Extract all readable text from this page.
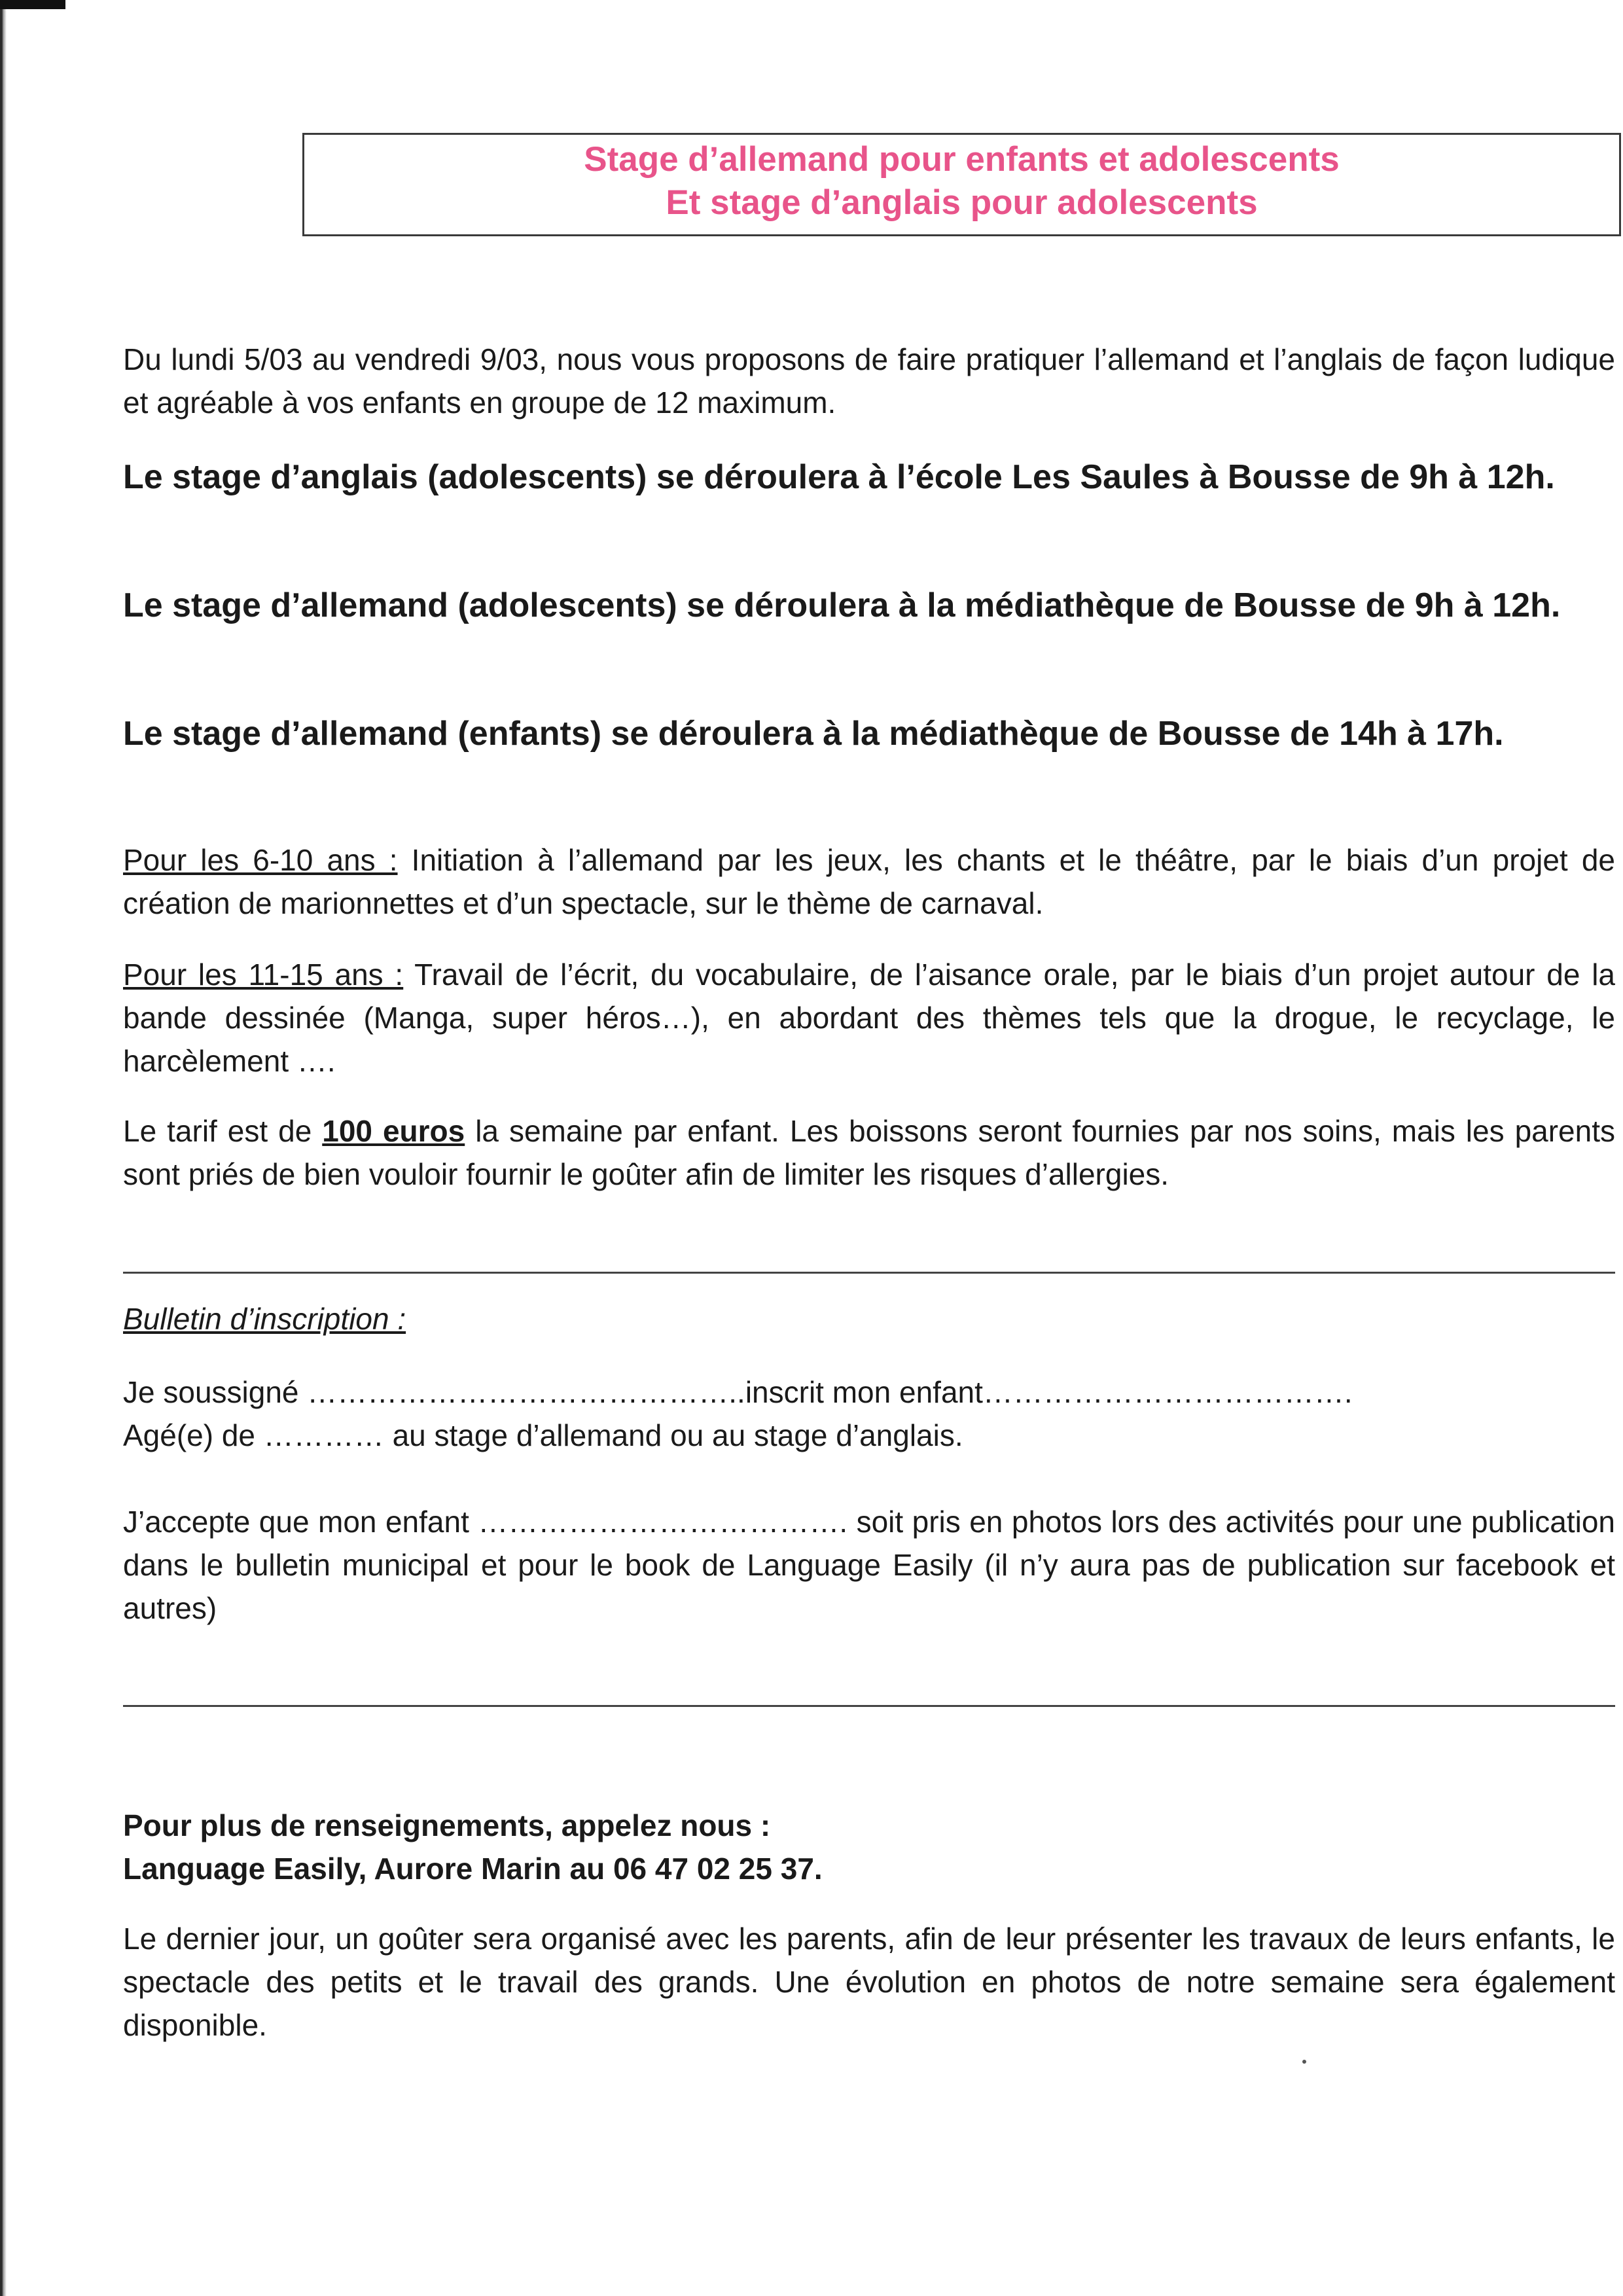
Stage d’allemand pour enfants et adolescents
Et stage d’anglais pour adolescents

Du lundi 5/03 au vendredi 9/03, nous vous proposons de faire pratiquer l’allemand et l’anglais de façon ludique et agréable à vos enfants en groupe de 12 maximum.

Le stage d’anglais (adolescents) se déroulera à l’école Les Saules à Bousse de 9h à 12h.

Le stage d’allemand (adolescents) se déroulera à la médiathèque de Bousse de 9h à 12h.

Le stage d’allemand (enfants) se déroulera à la médiathèque de Bousse de 14h à 17h.

Pour les 6-10 ans : Initiation à l’allemand par les jeux, les chants et le théâtre, par le biais d’un projet de création de marionnettes et d’un spectacle, sur le thème de carnaval.

Pour les 11-15 ans : Travail de l’écrit, du vocabulaire, de l’aisance orale, par le biais d’un projet autour de la bande dessinée (Manga, super héros…), en abordant des thèmes tels que la drogue, le recyclage, le harcèlement ….

Le tarif est de 100 euros la semaine par enfant. Les boissons seront fournies par nos soins, mais les parents sont priés de bien vouloir fournir le goûter afin de limiter les risques d’allergies.

Bulletin d’inscription :

Je soussigné ……………………………………..inscrit mon enfant……………………………….
Agé(e) de ………… au stage d’allemand ou au stage d’anglais.

J’accepte que mon enfant ………………………………. soit pris en photos lors des activités pour une publication dans le bulletin municipal et pour le book de Language Easily (il n’y aura pas de publication sur facebook et autres)

Pour plus de renseignements, appelez nous :
Language Easily, Aurore Marin au 06 47 02 25 37.

Le dernier jour, un goûter sera organisé avec les parents, afin de leur présenter les travaux de leurs enfants, le spectacle des petits et le travail des grands. Une évolution en photos de notre semaine sera également disponible.
